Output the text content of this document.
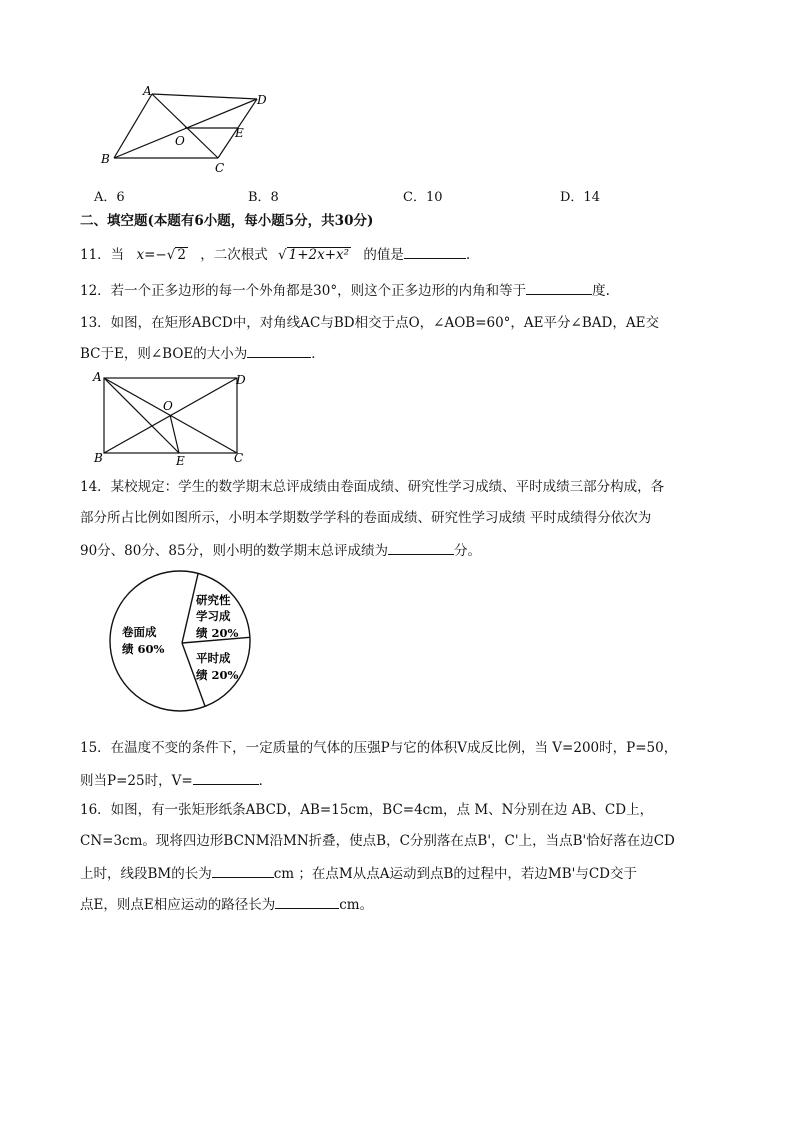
A
D
O
E
B
C
A．6	B．8	C．10	D．14
二、填空题(本题有6小题，每小题5分，共30分)
11．当 x=−√ 2 ，二次根式 √ 1+2x+x² 的值是	.
12．若一个正多边形的每一个外角都是30°，则这个正多边形的内角和等于	度.
13．如图，在矩形ABCD中，对角线AC与BD相交于点O，∠AOB=60°，AE平分∠BAD，AE交
BC于E，则∠BOE的大小为	．
A	D
O
B	E	C
14．某校规定：学生的数学期末总评成绩由卷面成绩、研究性学习成绩、平时成绩三部分构成，各
部分所占比例如图所示，小明本学期数学学科的卷面成绩、研究性学习成绩 平时成绩得分依次为
90分、80分、85分，则小明的数学期末总评成绩为	分。
卷面成
绩 60%
研究性
学习成
绩 20%
平时成
绩 20%
15．在温度不变的条件下，一定质量的气体的压强P与它的体积V成反比例，当 V=200时，P=50，
则当P=25时，V=	．
16．如图，有一张矩形纸条ABCD，AB=15cm，BC=4cm，点 M、N分别在边 AB、CD上，
CN=3cm。现将四边形BCNM沿MN折叠，使点B，C分别落在点B'，C'上，当点B'恰好落在边CD
上时，线段BM的长为	cm ；在点M从点A运动到点B的过程中，若边MB'与CD交于
点E，则点E相应运动的路径长为	cm。
